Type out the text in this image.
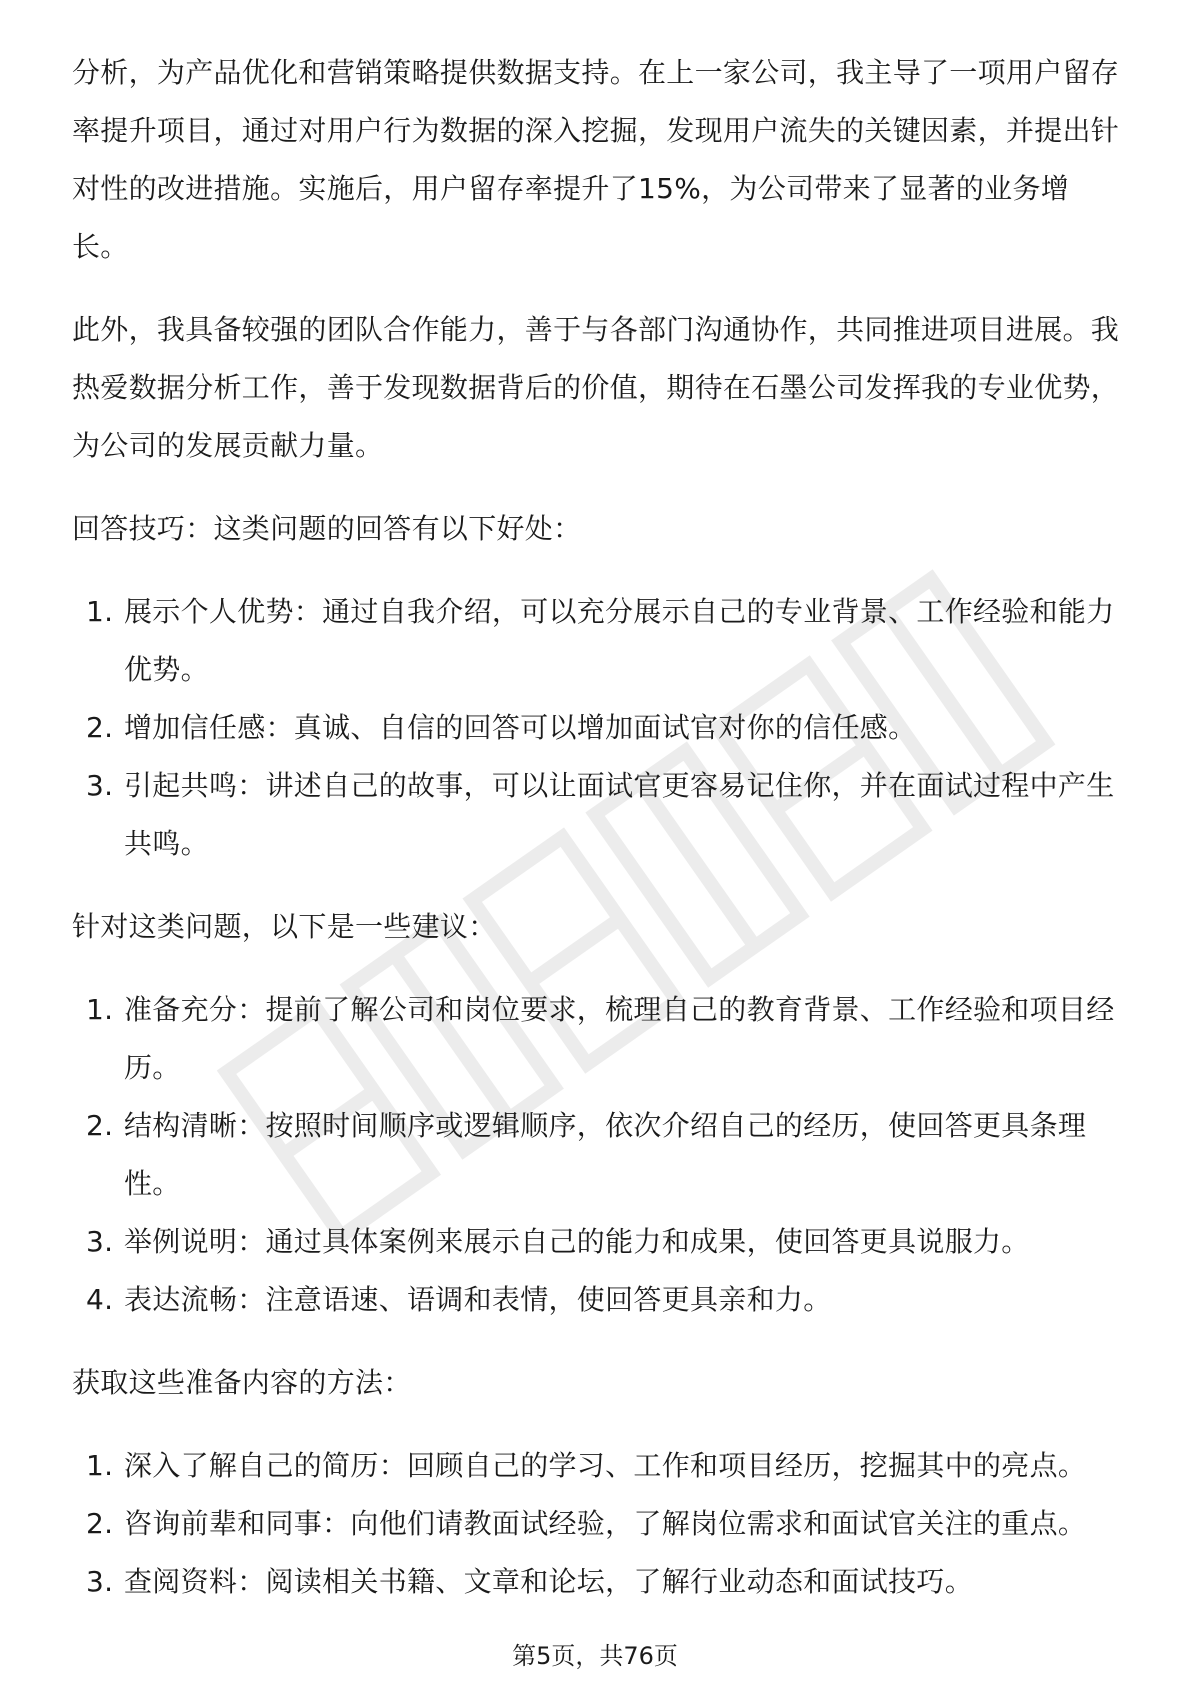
分析，为产品优化和营销策略提供数据支持。在上一家公司，我主导了一项用户留存率提升项目，通过对用户行为数据的深入挖掘，发现用户流失的关键因素，并提出针对性的改进措施。实施后，用户留存率提升了15%，为公司带来了显著的业务增长。

此外，我具备较强的团队合作能力，善于与各部门沟通协作，共同推进项目进展。我热爱数据分析工作，善于发现数据背后的价值，期待在石墨公司发挥我的专业优势，为公司的发展贡献力量。

回答技巧：这类问题的回答有以下好处：

1. 展示个人优势：通过自我介绍，可以充分展示自己的专业背景、工作经验和能力优势。
2. 增加信任感：真诚、自信的回答可以增加面试官对你的信任感。
3. 引起共鸣：讲述自己的故事，可以让面试官更容易记住你，并在面试过程中产生共鸣。

针对这类问题，以下是一些建议：

1. 准备充分：提前了解公司和岗位要求，梳理自己的教育背景、工作经验和项目经历。
2. 结构清晰：按照时间顺序或逻辑顺序，依次介绍自己的经历，使回答更具条理性。
3. 举例说明：通过具体案例来展示自己的能力和成果，使回答更具说服力。
4. 表达流畅：注意语速、语调和表情，使回答更具亲和力。

获取这些准备内容的方法：

1. 深入了解自己的简历：回顾自己的学习、工作和项目经历，挖掘其中的亮点。
2. 咨询前辈和同事：向他们请教面试经验，了解岗位需求和面试官关注的重点。
3. 查阅资料：阅读相关书籍、文章和论坛，了解行业动态和面试技巧。
第5页，共76页
